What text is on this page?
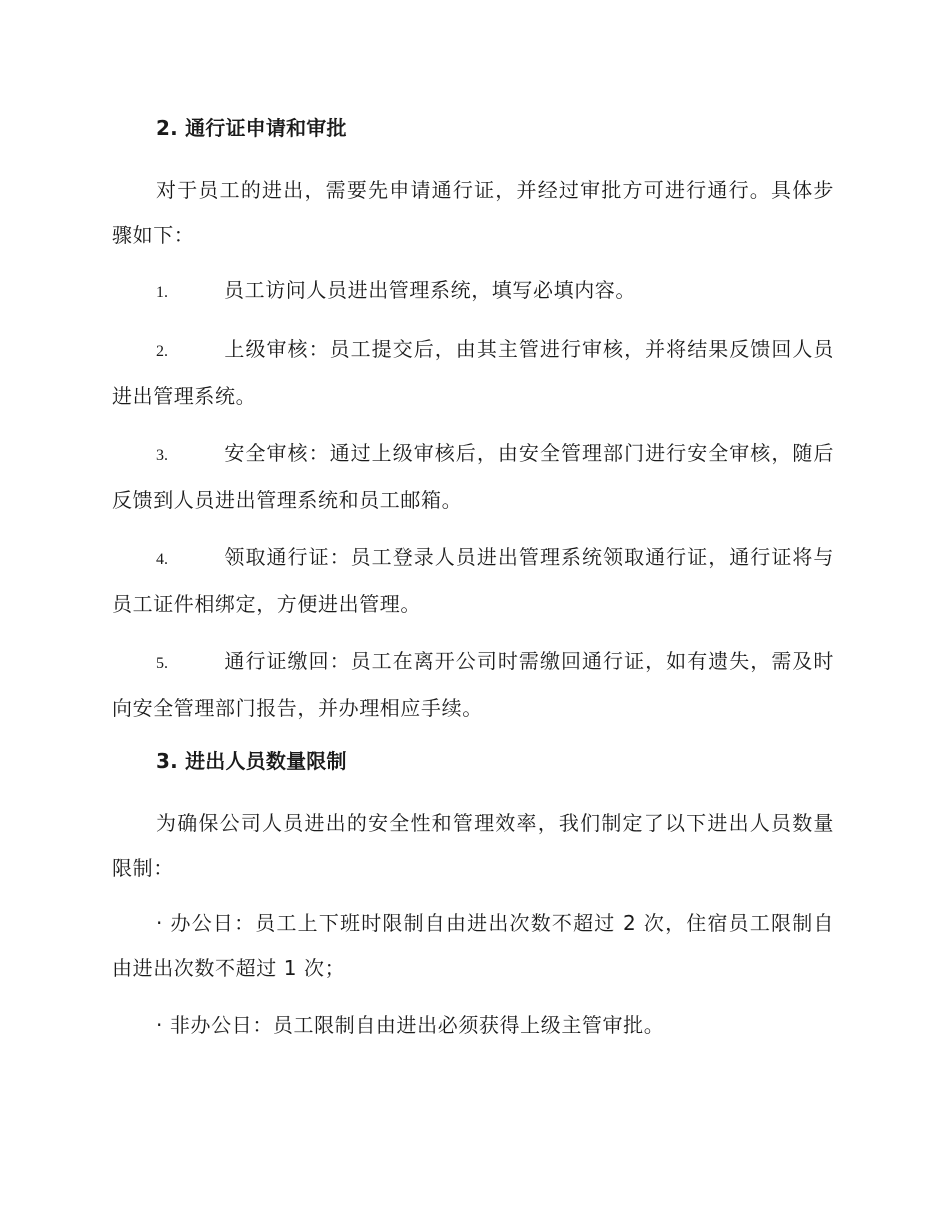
2. 通行证申请和审批

对于员工的进出，需要先申请通行证，并经过审批方可进行通行。具体步骤如下：

1.	员工访问人员进出管理系统，填写必填内容。

2.	上级审核：员工提交后，由其主管进行审核，并将结果反馈回人员进出管理系统。

3.	安全审核：通过上级审核后，由安全管理部门进行安全审核，随后反馈到人员进出管理系统和员工邮箱。

4.	领取通行证：员工登录人员进出管理系统领取通行证，通行证将与员工证件相绑定，方便进出管理。

5.	通行证缴回：员工在离开公司时需缴回通行证，如有遗失，需及时向安全管理部门报告，并办理相应手续。

3. 进出人员数量限制

为确保公司人员进出的安全性和管理效率，我们制定了以下进出人员数量限制：

· 办公日：员工上下班时限制自由进出次数不超过 2 次，住宿员工限制自由进出次数不超过 1 次；

· 非办公日：员工限制自由进出必须获得上级主管审批。
